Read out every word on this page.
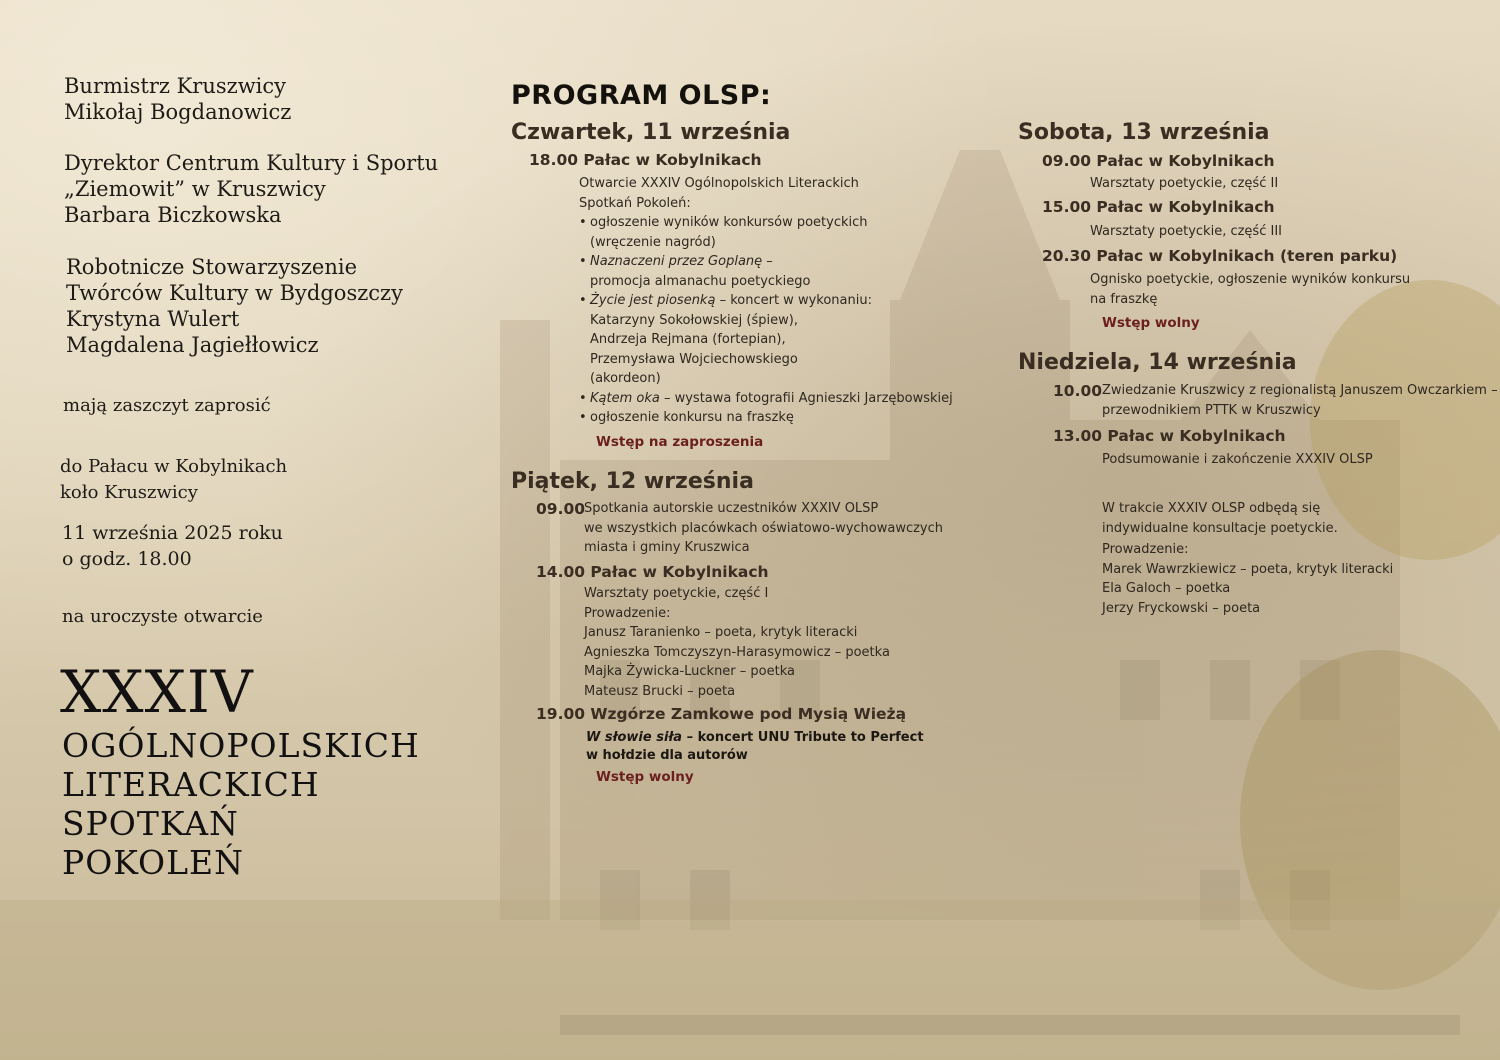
Burmistrz Kruszwicy
Mikołaj Bogdanowicz
Dyrektor Centrum Kultury i Sportu
„Ziemowit” w Kruszwicy
Barbara Biczkowska
Robotnicze Stowarzyszenie
Twórców Kultury w Bydgoszczy
Krystyna Wulert
Magdalena Jagiełłowicz
mają zaszczyt zaprosić
do Pałacu w Kobylnikach
koło Kruszwicy
11 września 2025 roku
o godz. 18.00
na uroczyste otwarcie
XXXIV
OGÓLNOPOLSKICH
LITERACKICH
SPOTKAŃ
POKOLEŃ
PROGRAM OLSP:
Czwartek, 11 września
18.00 Pałac w Kobylnikach
Otwarcie XXXIV Ogólnopolskich Literackich
Spotkań Pokoleń:
• ogłoszenie wyników konkursów poetyckich
(wręczenie nagród)
• Naznaczeni przez Goplanę –
promocja almanachu poetyckiego
• Życie jest piosenką – koncert w wykonaniu:
Katarzyny Sokołowskiej (śpiew),
Andrzeja Rejmana (fortepian),
Przemysława Wojciechowskiego
(akordeon)
• Kątem oka – wystawa fotografii Agnieszki Jarzębowskiej
• ogłoszenie konkursu na fraszkę
Wstęp na zaproszenia
Piątek, 12 września
09.00
Spotkania autorskie uczestników XXXIV OLSP
we wszystkich placówkach oświatowo-wychowawczych
miasta i gminy Kruszwica
14.00 Pałac w Kobylnikach
Warsztaty poetyckie, część I
Prowadzenie:
Janusz Taranienko – poeta, krytyk literacki
Agnieszka Tomczyszyn-Harasymowicz – poetka
Majka Żywicka-Luckner – poetka
Mateusz Brucki – poeta
19.00 Wzgórze Zamkowe pod Mysią Wieżą
W słowie siła – koncert UNU Tribute to Perfect
w hołdzie dla autorów
Wstęp wolny
Sobota, 13 września
09.00 Pałac w Kobylnikach
Warsztaty poetyckie, część II
15.00 Pałac w Kobylnikach
Warsztaty poetyckie, część III
20.30 Pałac w Kobylnikach (teren parku)
Ognisko poetyckie, ogłoszenie wyników konkursu
na fraszkę
Wstęp wolny
Niedziela, 14 września
10.00 Zwiedzanie Kruszwicy z regionalistą Januszem Owczarkiem –
przewodnikiem PTTK w Kruszwicy
13.00 Pałac w Kobylnikach
Podsumowanie i zakończenie XXXIV OLSP
W trakcie XXXIV OLSP odbędą się
indywidualne konsultacje poetyckie.
Prowadzenie:
Marek Wawrzkiewicz – poeta, krytyk literacki
Ela Galoch – poetka
Jerzy Fryckowski – poeta
